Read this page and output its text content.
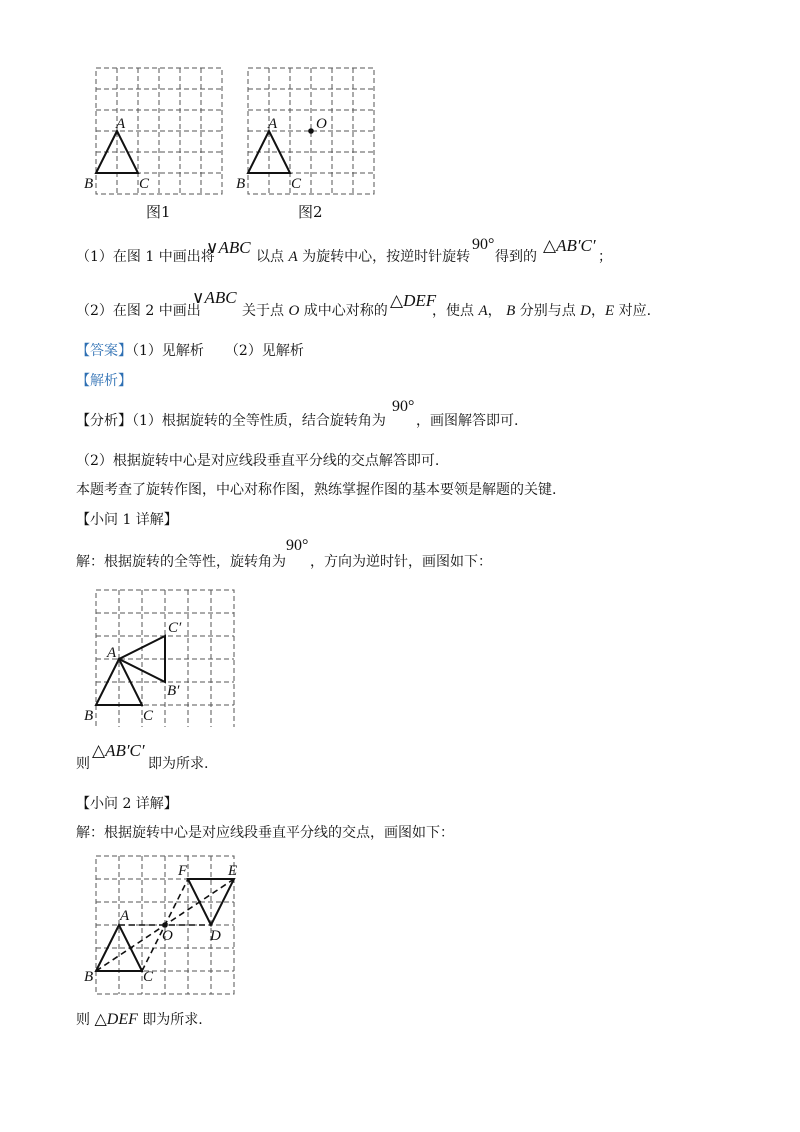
A
B	C
图1
A	O
B	C
图2
（1）在图 1 中画出将
∨ABC 以点 A 为旋转中心，按逆时针旋转
90°
得到的
△AB′C′
；
（2）在图 2 中画出
∨ABC
关于点 O 成中心对称的
△DEF
，使点 A， B 分别与点 D，E 对应.
【答案】（1）见解析　　（2）见解析
【解析】
【分析】（1）根据旋转的全等性质，结合旋转角为
90°
，画图解答即可.
（2）根据旋转中心是对应线段垂直平分线的交点解答即可.
本题考查了旋转作图，中心对称作图，熟练掌握作图的基本要领是解题的关键.
【小问 1 详解】
解：根据旋转的全等性，旋转角为
90°
，方向为逆时针，画图如下：
A
B	C
C′
B′
则
△AB′C′
即为所求.
【小问 2 详解】
解：根据旋转中心是对应线段垂直平分线的交点，画图如下：
A
O D
F	E
B	C
则 △DEF 即为所求.
